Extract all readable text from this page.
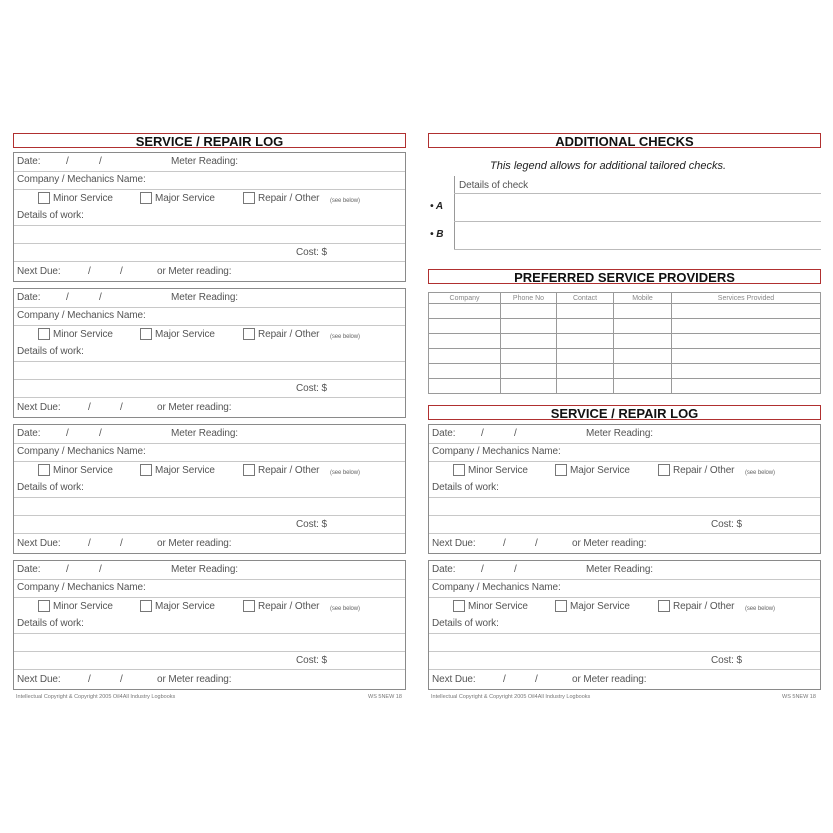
SERVICE / REPAIR LOG
Date:	/	/	Meter Reading:
Company / Mechanics Name:
Minor Service	Major Service	Repair / Other (see below)
Details of work:
Cost: $
Next Due:	/	/	or Meter reading:
Date:	/	/	Meter Reading:
Company / Mechanics Name:
Minor Service	Major Service	Repair / Other (see below)
Details of work:
Cost: $
Next Due:	/	/	or Meter reading:
Date:	/	/	Meter Reading:
Company / Mechanics Name:
Minor Service	Major Service	Repair / Other (see below)
Details of work:
Cost: $
Next Due:	/	/	or Meter reading:
Date:	/	/	Meter Reading:
Company / Mechanics Name:
Minor Service	Major Service	Repair / Other (see below)
Details of work:
Cost: $
Next Due:	/	/	or Meter reading:
Intellectual Copyright & Copyright 2005 Oil4All Industry Logbooks	WS 5NEW 18
ADDITIONAL CHECKS
This legend allows for additional tailored checks.
Details of check
• A
• B
PREFERRED SERVICE PROVIDERS
Company	Phone No	Contact	Mobile	Services Provided

SERVICE / REPAIR LOG
Date:	/	/	Meter Reading:
Company / Mechanics Name:
Minor Service	Major Service	Repair / Other (see below)
Details of work:
Cost: $
Next Due:	/	/	or Meter reading:
Date:	/	/	Meter Reading:
Company / Mechanics Name:
Minor Service	Major Service	Repair / Other (see below)
Details of work:
Cost: $
Next Due:	/	/	or Meter reading:
Intellectual Copyright & Copyright 2005 Oil4All Industry Logbooks	WS 5NEW 18
